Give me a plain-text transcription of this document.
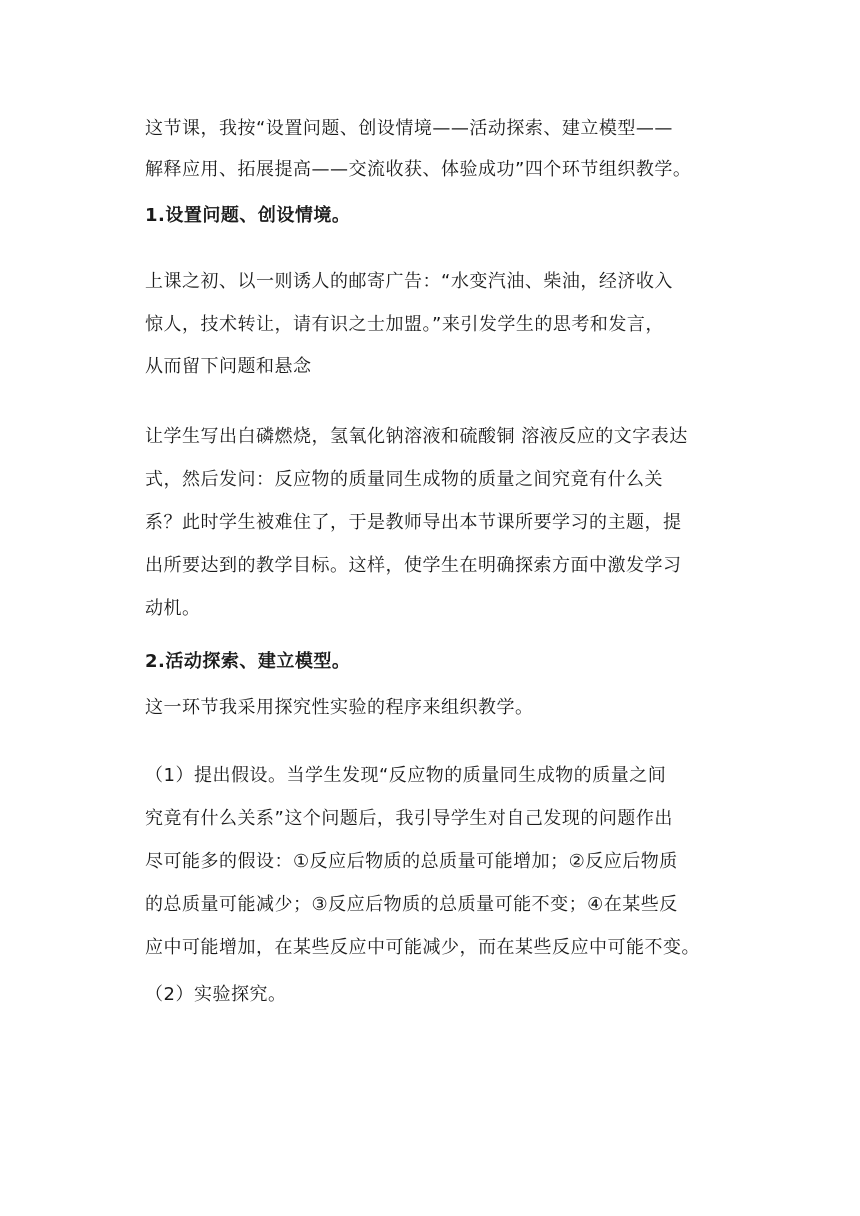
这节课，我按“设置问题、创设情境——活动探索、建立模型——
解释应用、拓展提高——交流收获、体验成功”四个环节组织教学。
1.设置问题、创设情境。
上课之初、以一则诱人的邮寄广告：“水变汽油、柴油，经济收入
惊人，技术转让，请有识之士加盟。”来引发学生的思考和发言，
从而留下问题和悬念
让学生写出白磷燃烧，氢氧化钠溶液和硫酸铜 溶液反应的文字表达
式，然后发问：反应物的质量同生成物的质量之间究竟有什么关
系？此时学生被难住了，于是教师导出本节课所要学习的主题，提
出所要达到的教学目标。这样，使学生在明确探索方面中激发学习
动机。
2.活动探索、建立模型。
这一环节我采用探究性实验的程序来组织教学。
（1）提出假设。当学生发现“反应物的质量同生成物的质量之间
究竟有什么关系”这个问题后，我引导学生对自己发现的问题作出
尽可能多的假设：①反应后物质的总质量可能增加；②反应后物质
的总质量可能减少；③反应后物质的总质量可能不变；④在某些反
应中可能增加，在某些反应中可能减少，而在某些反应中可能不变。
（2）实验探究。
